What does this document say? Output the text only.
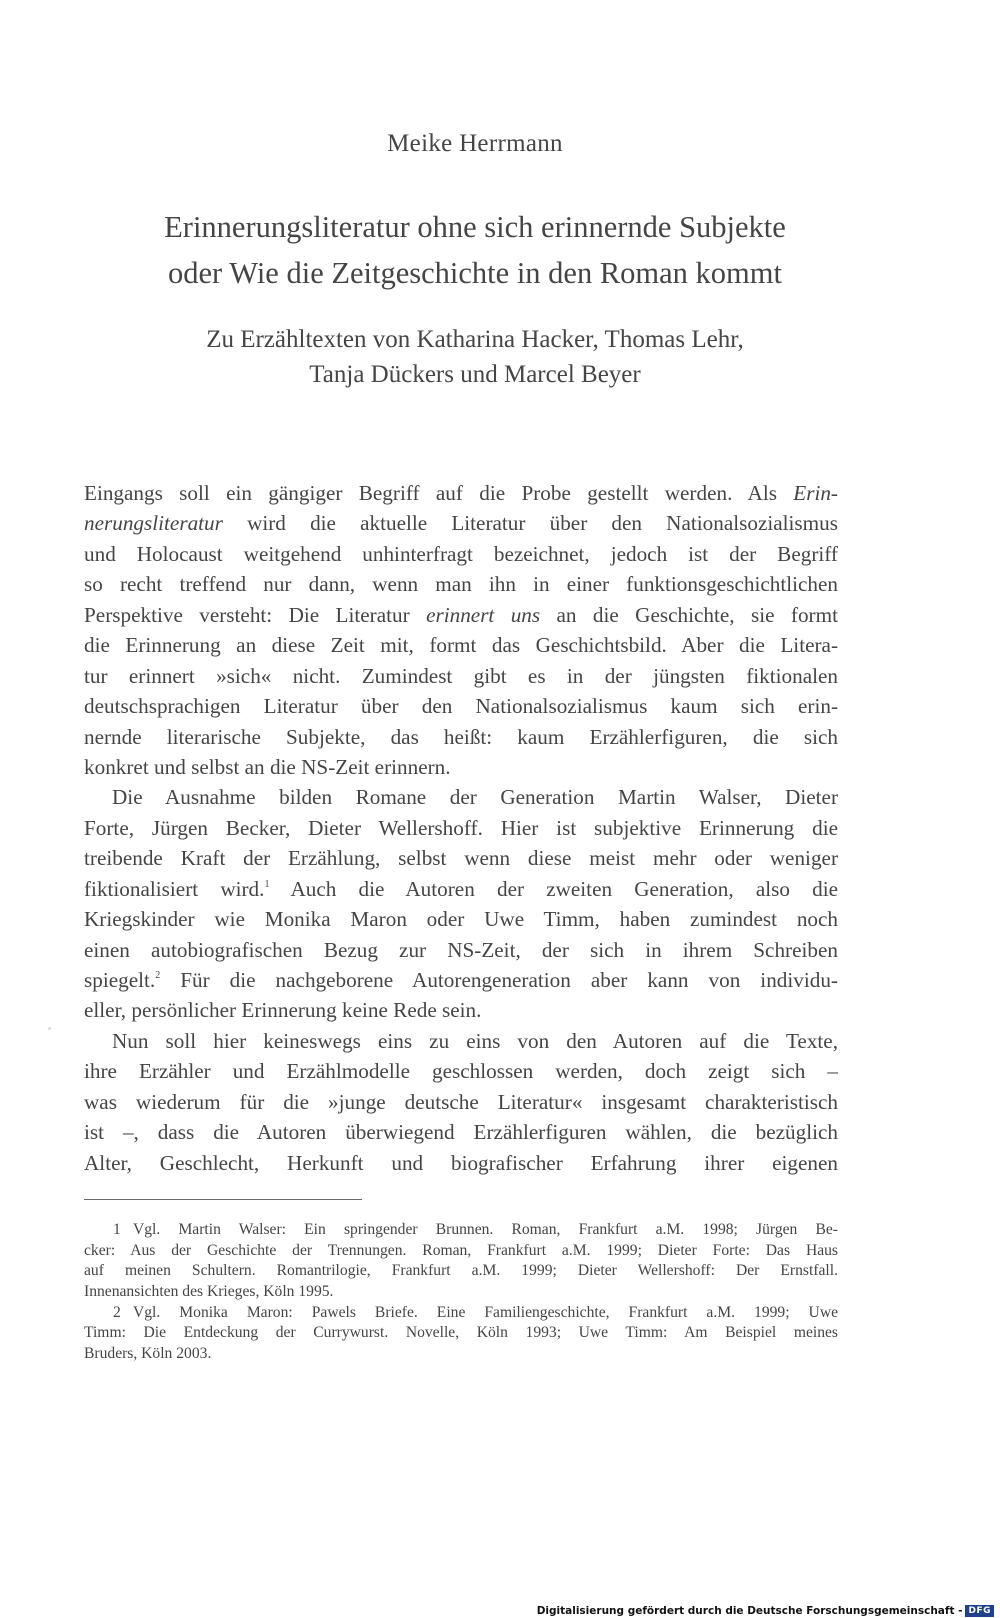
Meike Herrmann
Erinnerungsliteratur ohne sich erinnernde Subjekte
oder Wie die Zeitgeschichte in den Roman kommt
Zu Erzähltexten von Katharina Hacker, Thomas Lehr,
Tanja Dückers und Marcel Beyer
Eingangs soll ein gängiger Begriff auf die Probe gestellt werden. Als Erin-
nerungsliteratur wird die aktuelle Literatur über den Nationalsozialismus
und Holocaust weitgehend unhinterfragt bezeichnet, jedoch ist der Begriff
so recht treffend nur dann, wenn man ihn in einer funktionsgeschichtlichen
Perspektive versteht: Die Literatur erinnert uns an die Geschichte, sie formt
die Erinnerung an diese Zeit mit, formt das Geschichtsbild. Aber die Litera-
tur erinnert »sich« nicht. Zumindest gibt es in der jüngsten fiktionalen
deutschsprachigen Literatur über den Nationalsozialismus kaum sich erin-
nernde literarische Subjekte, das heißt: kaum Erzählerfiguren, die sich
konkret und selbst an die NS-Zeit erinnern.
Die Ausnahme bilden Romane der Generation Martin Walser, Dieter
Forte, Jürgen Becker, Dieter Wellershoff. Hier ist subjektive Erinnerung die
treibende Kraft der Erzählung, selbst wenn diese meist mehr oder weniger
fiktionalisiert wird.$^1$ Auch die Autoren der zweiten Generation, also die
Kriegskinder wie Monika Maron oder Uwe Timm, haben zumindest noch
einen autobiografischen Bezug zur NS-Zeit, der sich in ihrem Schreiben
spiegelt.$^2$ Für die nachgeborene Autorengeneration aber kann von individu-
eller, persönlicher Erinnerung keine Rede sein.
Nun soll hier keineswegs eins zu eins von den Autoren auf die Texte,
ihre Erzähler und Erzählmodelle geschlossen werden, doch zeigt sich –
was wiederum für die »junge deutsche Literatur« insgesamt charakteristisch
ist –, dass die Autoren überwiegend Erzählerfiguren wählen, die bezüglich
Alter, Geschlecht, Herkunft und biografischer Erfahrung ihrer eigenen
1 Vgl. Martin Walser: Ein springender Brunnen. Roman, Frankfurt a.M. 1998; Jürgen Be-
cker: Aus der Geschichte der Trennungen. Roman, Frankfurt a.M. 1999; Dieter Forte: Das Haus
auf meinen Schultern. Romantrilogie, Frankfurt a.M. 1999; Dieter Wellershoff: Der Ernstfall.
Innenansichten des Krieges, Köln 1995.
2 Vgl. Monika Maron: Pawels Briefe. Eine Familiengeschichte, Frankfurt a.M. 1999; Uwe
Timm: Die Entdeckung der Currywurst. Novelle, Köln 1993; Uwe Timm: Am Beispiel meines
Bruders, Köln 2003.
Digitalisierung gefördert durch die Deutsche Forschungsgemeinschaft - DFG
